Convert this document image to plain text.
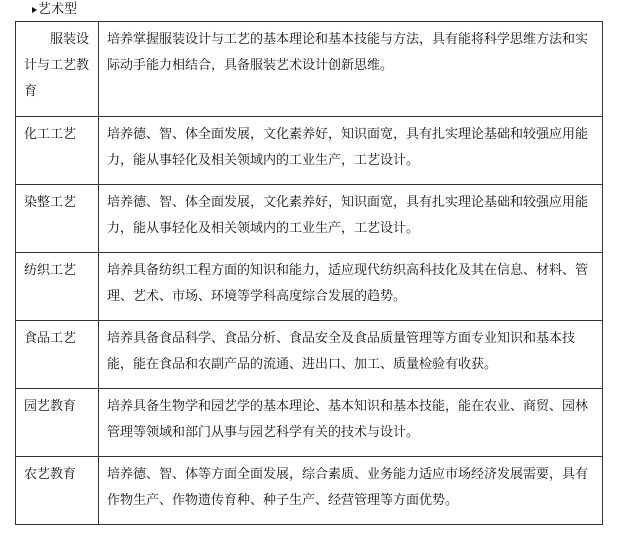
艺术型
服装设计与工艺教育	培养掌握服装设计与工艺的基本理论和基本技能与方法，具有能将科学思维方法和实际动手能力相结合，具备服装艺术设计创新思维。
化工工艺	培养德、智、体全面发展，文化素养好，知识面宽，具有扎实理论基础和较强应用能力，能从事轻化及相关领域内的工业生产，工艺设计。
染整工艺	培养德、智、体全面发展，文化素养好，知识面宽，具有扎实理论基础和较强应用能力，能从事轻化及相关领域内的工业生产，工艺设计。
纺织工艺	培养具备纺织工程方面的知识和能力，适应现代纺织高科技化及其在信息、材料、管理、艺术、市场、环境等学科高度综合发展的趋势。
食品工艺	培养具备食品科学、食品分析、食品安全及食品质量管理等方面专业知识和基本技能，能在食品和农副产品的流通、进出口、加工、质量检验有收获。
园艺教育	培养具备生物学和园艺学的基本理论、基本知识和基本技能，能在农业、商贸、园林管理等领域和部门从事与园艺科学有关的技术与设计。
农艺教育	培养德、智、体等方面全面发展，综合素质、业务能力适应市场经济发展需要，具有作物生产、作物遗传育种、种子生产、经营管理等方面优势。
